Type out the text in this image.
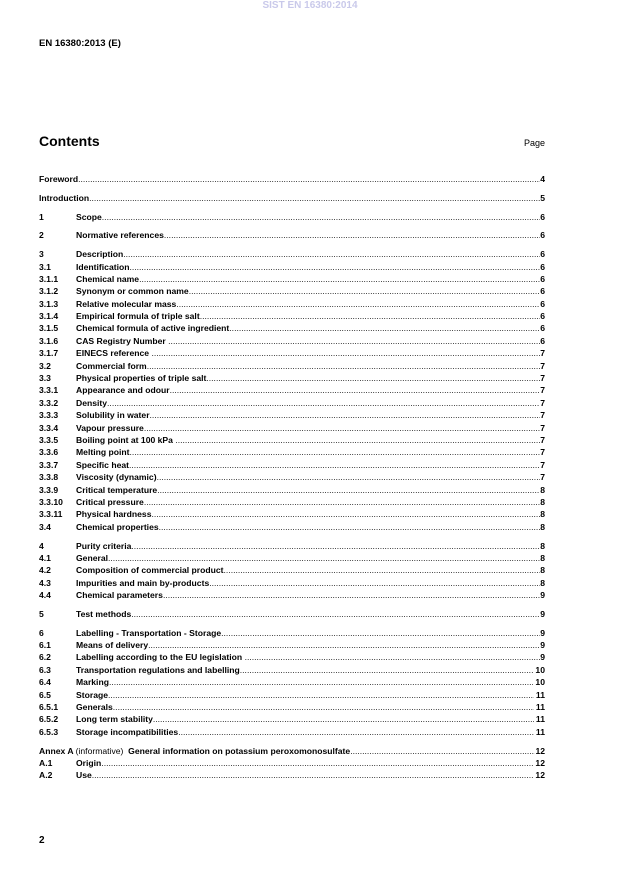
SIST EN 16380:2014
EN 16380:2013 (E)
Contents	Page
Foreword .....	4
Introduction .....	5
1	Scope .....	6
2	Normative references .....	6
3	Description .....	6
3.1	Identification .....	6
3.1.1	Chemical name .....	6
3.1.2	Synonym or common name .....	6
3.1.3	Relative molecular mass .....	6
3.1.4	Empirical formula of triple salt .....	6
3.1.5	Chemical formula of active ingredient .....	6
3.1.6	CAS Registry Number .....	6
3.1.7	EINECS reference .....	7
3.2	Commercial form .....	7
3.3	Physical properties of triple salt .....	7
3.3.1	Appearance and odour .....	7
3.3.2	Density .....	7
3.3.3	Solubility in water .....	7
3.3.4	Vapour pressure .....	7
3.3.5	Boiling point at 100 kPa .....	7
3.3.6	Melting point .....	7
3.3.7	Specific heat .....	7
3.3.8	Viscosity (dynamic) .....	7
3.3.9	Critical temperature .....	8
3.3.10	Critical pressure .....	8
3.3.11	Physical hardness .....	8
3.4	Chemical properties .....	8
4	Purity criteria .....	8
4.1	General .....	8
4.2	Composition of commercial product .....	8
4.3	Impurities and main by-products .....	8
4.4	Chemical parameters .....	9
5	Test methods .....	9
6	Labelling - Transportation - Storage .....	9
6.1	Means of delivery .....	9
6.2	Labelling according to the EU legislation .....	9
6.3	Transportation regulations and labelling .....	10
6.4	Marking .....	10
6.5	Storage .....	11
6.5.1	Generals .....	11
6.5.2	Long term stability .....	11
6.5.3	Storage incompatibilities .....	11
Annex A (informative) General information on potassium peroxomonosulfate .....	12
A.1	Origin .....	12
A.2	Use .....	12
2
